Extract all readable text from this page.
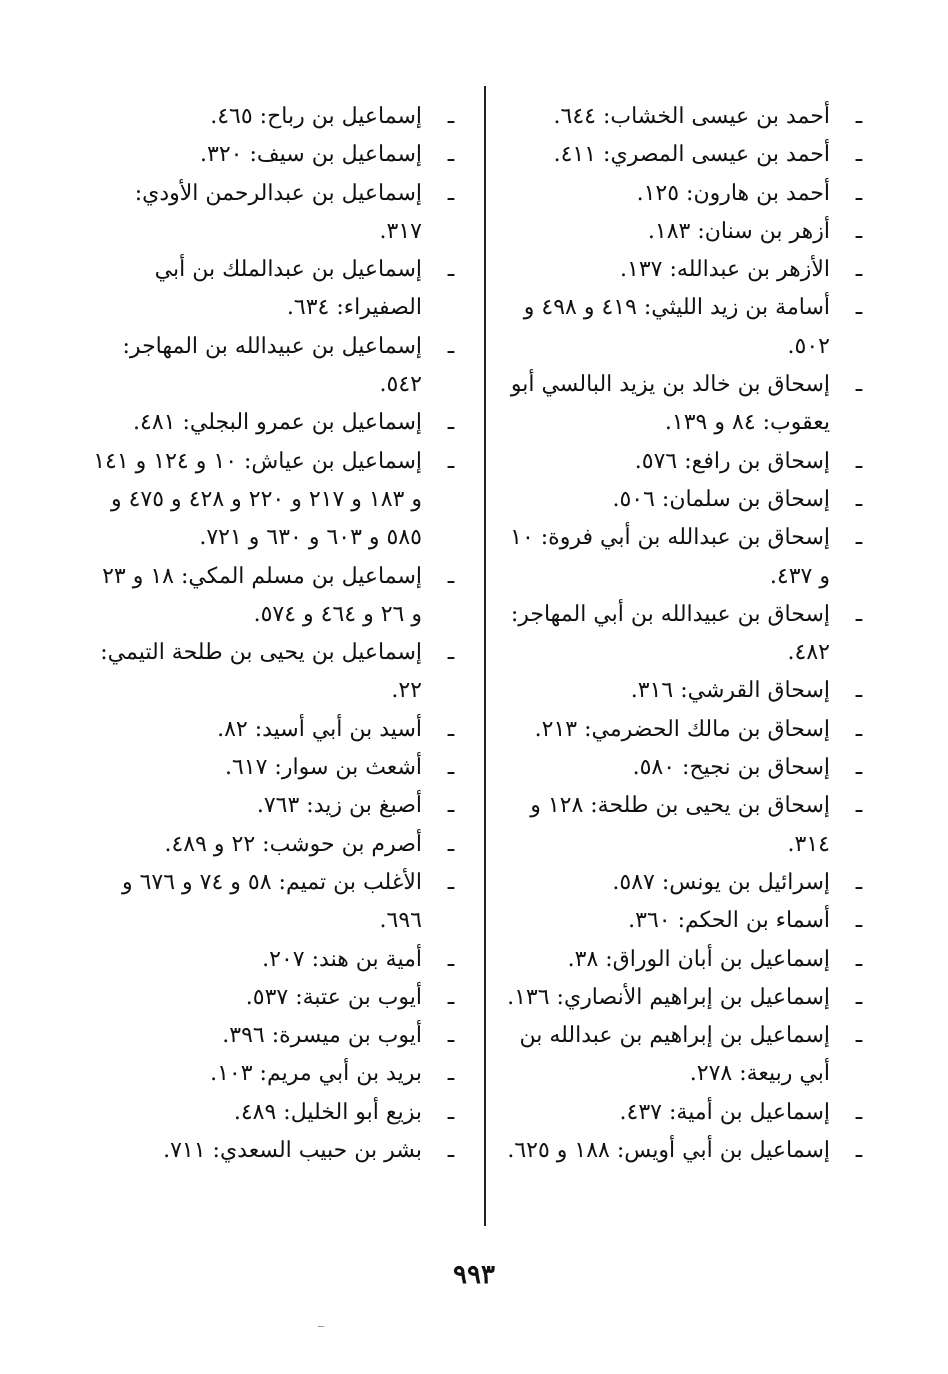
ـ
أحمد بن عيسى الخشاب: ٦٤٤.
ـ
أحمد بن عيسى المصري: ٤١١.
ـ
أحمد بن هارون: ١٢٥.
ـ
أزهر بن سنان: ١٨٣.
ـ
الأزهر بن عبدالله: ١٣٧.
ـ
أسامة بن زيد الليثي: ٤١٩ و ٤٩٨ و ٥٠٢.
ـ
إسحاق بن خالد بن يزيد البالسي أبو يعقوب: ٨٤ و ١٣٩.
ـ
إسحاق بن رافع: ٥٧٦.
ـ
إسحاق بن سلمان: ٥٠٦.
ـ
إسحاق بن عبدالله بن أبي فروة: ١٠ و ٤٣٧.
ـ
إسحاق بن عبيدالله بن أبي المهاجر: ٤٨٢.
ـ
إسحاق القرشي: ٣١٦.
ـ
إسحاق بن مالك الحضرمي: ٢١٣.
ـ
إسحاق بن نجيح: ٥٨٠.
ـ
إسحاق بن يحيى بن طلحة: ١٢٨ و ٣١٤.
ـ
إسرائيل بن يونس: ٥٨٧.
ـ
أسماء بن الحكم: ٣٦٠.
ـ
إسماعيل بن أبان الوراق: ٣٨.
ـ
إسماعيل بن إبراهيم الأنصاري: ١٣٦.
ـ
إسماعيل بن إبراهيم بن عبدالله بن أبي ربيعة: ٢٧٨.
ـ
إسماعيل بن أمية: ٤٣٧.
ـ
إسماعيل بن أبي أويس: ١٨٨ و ٦٢٥.
ـ
إسماعيل بن رباح: ٤٦٥.
ـ
إسماعيل بن سيف: ٣٢٠.
ـ
إسماعيل بن عبدالرحمن الأودي: ٣١٧.
ـ
إسماعيل بن عبدالملك بن أبي الصفيراء: ٦٣٤.
ـ
إسماعيل بن عبيدالله بن المهاجر: ٥٤٢.
ـ
إسماعيل بن عمرو البجلي: ٤٨١.
ـ
إسماعيل بن عياش: ١٠ و ١٢٤ و ١٤١ و ١٨٣ و ٢١٧ و ٢٢٠ و ٤٢٨ و ٤٧٥ و ٥٨٥ و ٦٠٣ و ٦٣٠ و ٧٢١.
ـ
إسماعيل بن مسلم المكي: ١٨ و ٢٣ و ٢٦ و ٤٦٤ و ٥٧٤.
ـ
إسماعيل بن يحيى بن طلحة التيمي: ٢٢.
ـ
أسيد بن أبي أسيد: ٨٢.
ـ
أشعث بن سوار: ٦١٧.
ـ
أصبغ بن زيد: ٧٦٣.
ـ
أصرم بن حوشب: ٢٢ و ٤٨٩.
ـ
الأغلب بن تميم: ٥٨ و ٧٤ و ٦٧٦ و ٦٩٦.
ـ
أمية بن هند: ٢٠٧.
ـ
أيوب بن عتبة: ٥٣٧.
ـ
أيوب بن ميسرة: ٣٩٦.
ـ
بريد بن أبي مريم: ١٠٣.
ـ
بزيع أبو الخليل: ٤٨٩.
ـ
بشر بن حبيب السعدي: ٧١١.
٩٩٣
